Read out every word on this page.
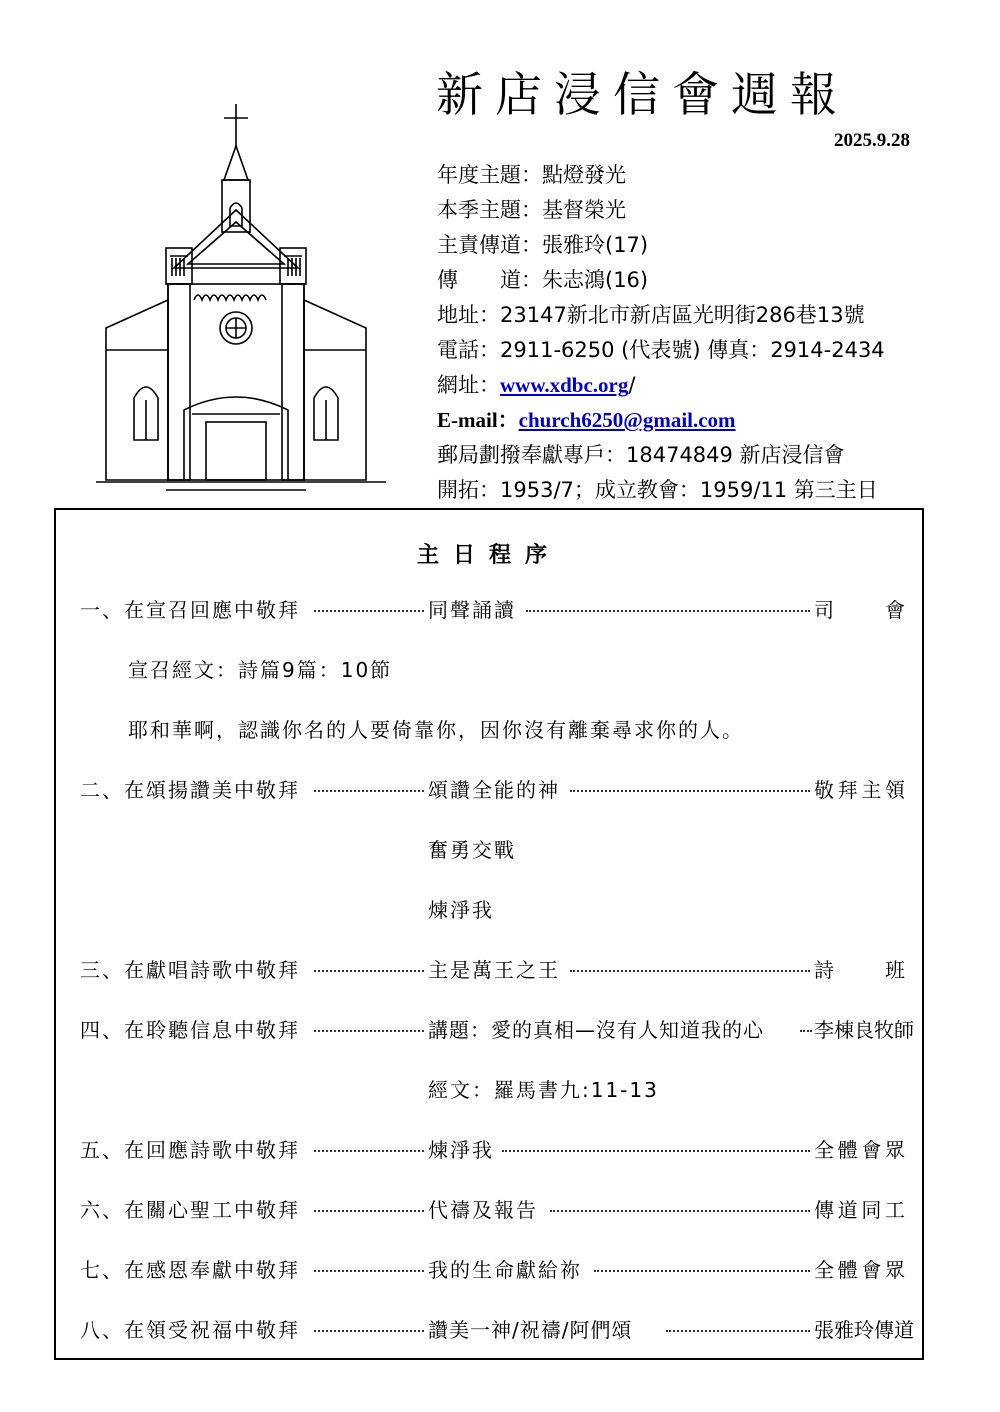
新店浸信會週報
2025.9.28
年度主題：點燈發光
本季主題：基督榮光
主責傳道：張雅玲(17)
傳　　道：朱志鴻(16)
地址：23147新北市新店區光明街286巷13號
電話：2911-6250 (代表號) 傳真：2914-2434
網址：www.xdbc.org/
E-mail：church6250@gmail.com
郵局劃撥奉獻專戶：18474849 新店浸信會
開拓：1953/7；成立教會：1959/11 第三主日
主日程序
一、在宣召回應中敬拜	同聲誦讀	司　　會
宣召經文：詩篇9篇：10節
耶和華啊，認識你名的人要倚靠你，因你沒有離棄尋求你的人。
二、在頌揚讚美中敬拜	頌讚全能的神	敬拜主領
奮勇交戰
煉淨我
三、在獻唱詩歌中敬拜	主是萬王之王	詩　　班
四、在聆聽信息中敬拜	講題：愛的真相—沒有人知道我的心	李棟良牧師
經文：羅馬書九:11-13
五、在回應詩歌中敬拜	煉淨我	全體會眾
六、在關心聖工中敬拜	代禱及報告	傳道同工
七、在感恩奉獻中敬拜	我的生命獻給祢	全體會眾
八、在領受祝福中敬拜	讚美一神/祝禱/阿們頌	張雅玲傳道
